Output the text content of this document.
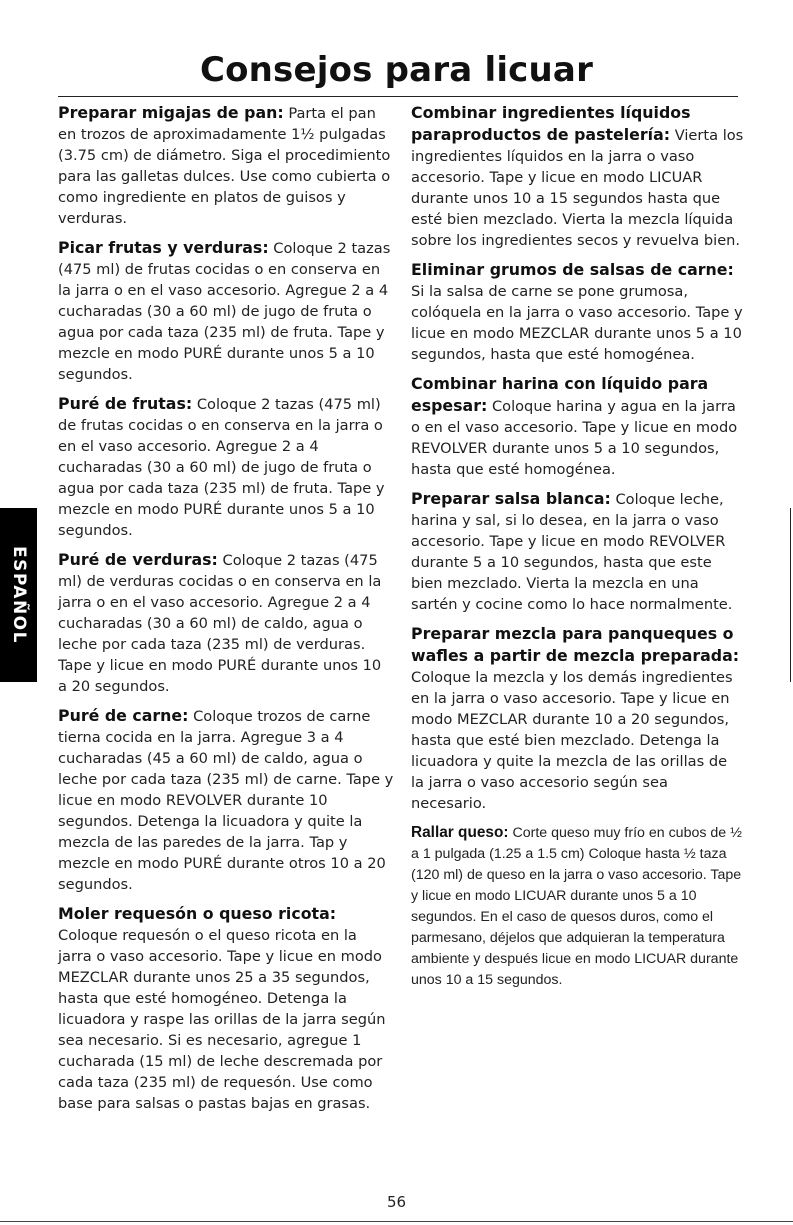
Consejos para licuar
Preparar migajas de pan: Parta el pan en trozos de aproximadamente 1½ pulgadas (3.75 cm) de diámetro. Siga el procedimiento para las galletas dulces. Use como cubierta o como ingrediente en platos de guisos y verduras.
Picar frutas y verduras: Coloque 2 tazas (475 ml) de frutas cocidas o en conserva en la jarra o en el vaso accesorio. Agregue 2 a 4 cucharadas (30 a 60 ml) de jugo de fruta o agua por cada taza (235 ml) de fruta. Tape y mezcle en modo PURÉ durante unos 5 a 10 segundos.
Puré de frutas: Coloque 2 tazas (475 ml) de frutas cocidas o en conserva en la jarra o en el vaso accesorio. Agregue 2 a 4 cucharadas (30 a 60 ml) de jugo de fruta o agua por cada taza (235 ml) de fruta. Tape y mezcle en modo PURÉ durante unos 5 a 10 segundos.
Puré de verduras: Coloque 2 tazas (475 ml) de verduras cocidas o en conserva en la jarra o en el vaso accesorio. Agregue 2 a 4 cucharadas (30 a 60 ml) de caldo, agua o leche por cada taza (235 ml) de verduras. Tape y licue en modo PURÉ durante unos 10 a 20 segundos.
Puré de carne: Coloque trozos de carne tierna cocida en la jarra. Agregue 3 a 4 cucharadas (45 a 60 ml) de caldo, agua o leche por cada taza (235 ml) de carne. Tape y licue en modo REVOLVER durante 10 segundos. Detenga la licuadora y quite la mezcla de las paredes de la jarra. Tap y mezcle en modo PURÉ durante otros 10 a 20 segundos.
Moler requesón o queso ricota: Coloque requesón o el queso ricota en la jarra o vaso accesorio. Tape y licue en modo MEZCLAR durante unos 25 a 35 segundos, hasta que esté homogéneo. Detenga la licuadora y raspe las orillas de la jarra según sea necesario. Si es necesario, agregue 1 cucharada (15 ml) de leche descremada por cada taza (235 ml) de requesón. Use como base para salsas o pastas bajas en grasas.
Combinar ingredientes líquidos paraproductos de pastelería: Vierta los ingredientes líquidos en la jarra o vaso accesorio. Tape y licue en modo LICUAR durante unos 10 a 15 segundos hasta que esté bien mezclado. Vierta la mezcla líquida sobre los ingredientes secos y revuelva bien.
Eliminar grumos de salsas de carne: Si la salsa de carne se pone grumosa, colóquela en la jarra o vaso accesorio. Tape y licue en modo MEZCLAR durante unos 5 a 10 segundos, hasta que esté homogénea.
Combinar harina con líquido para espesar: Coloque harina y agua en la jarra o en el vaso accesorio. Tape y licue en modo REVOLVER durante unos 5 a 10 segundos, hasta que esté homogénea.
Preparar salsa blanca: Coloque leche, harina y sal, si lo desea, en la jarra o vaso accesorio. Tape y licue en modo REVOLVER durante 5 a 10 segundos, hasta que este bien mezclado. Vierta la mezcla en una sartén y cocine como lo hace normalmente.
Preparar mezcla para panqueques o wafles a partir de mezcla preparada: Coloque la mezcla y los demás ingredientes en la jarra o vaso accesorio. Tape y licue en modo MEZCLAR durante 10 a 20 segundos, hasta que esté bien mezclado. Detenga la licuadora y quite la mezcla de las orillas de la jarra o vaso accesorio según sea necesario.
Rallar queso: Corte queso muy frío en cubos de ½ a 1 pulgada (1.25 a 1.5 cm) Coloque hasta ½ taza (120 ml) de queso en la jarra o vaso accesorio. Tape y licue en modo LICUAR durante unos 5 a 10 segundos. En el caso de quesos duros, como el parmesano, déjelos que adquieran la temperatura ambiente y después licue en modo LICUAR durante unos 10 a 15 segundos.
ESPAÑOL
56
